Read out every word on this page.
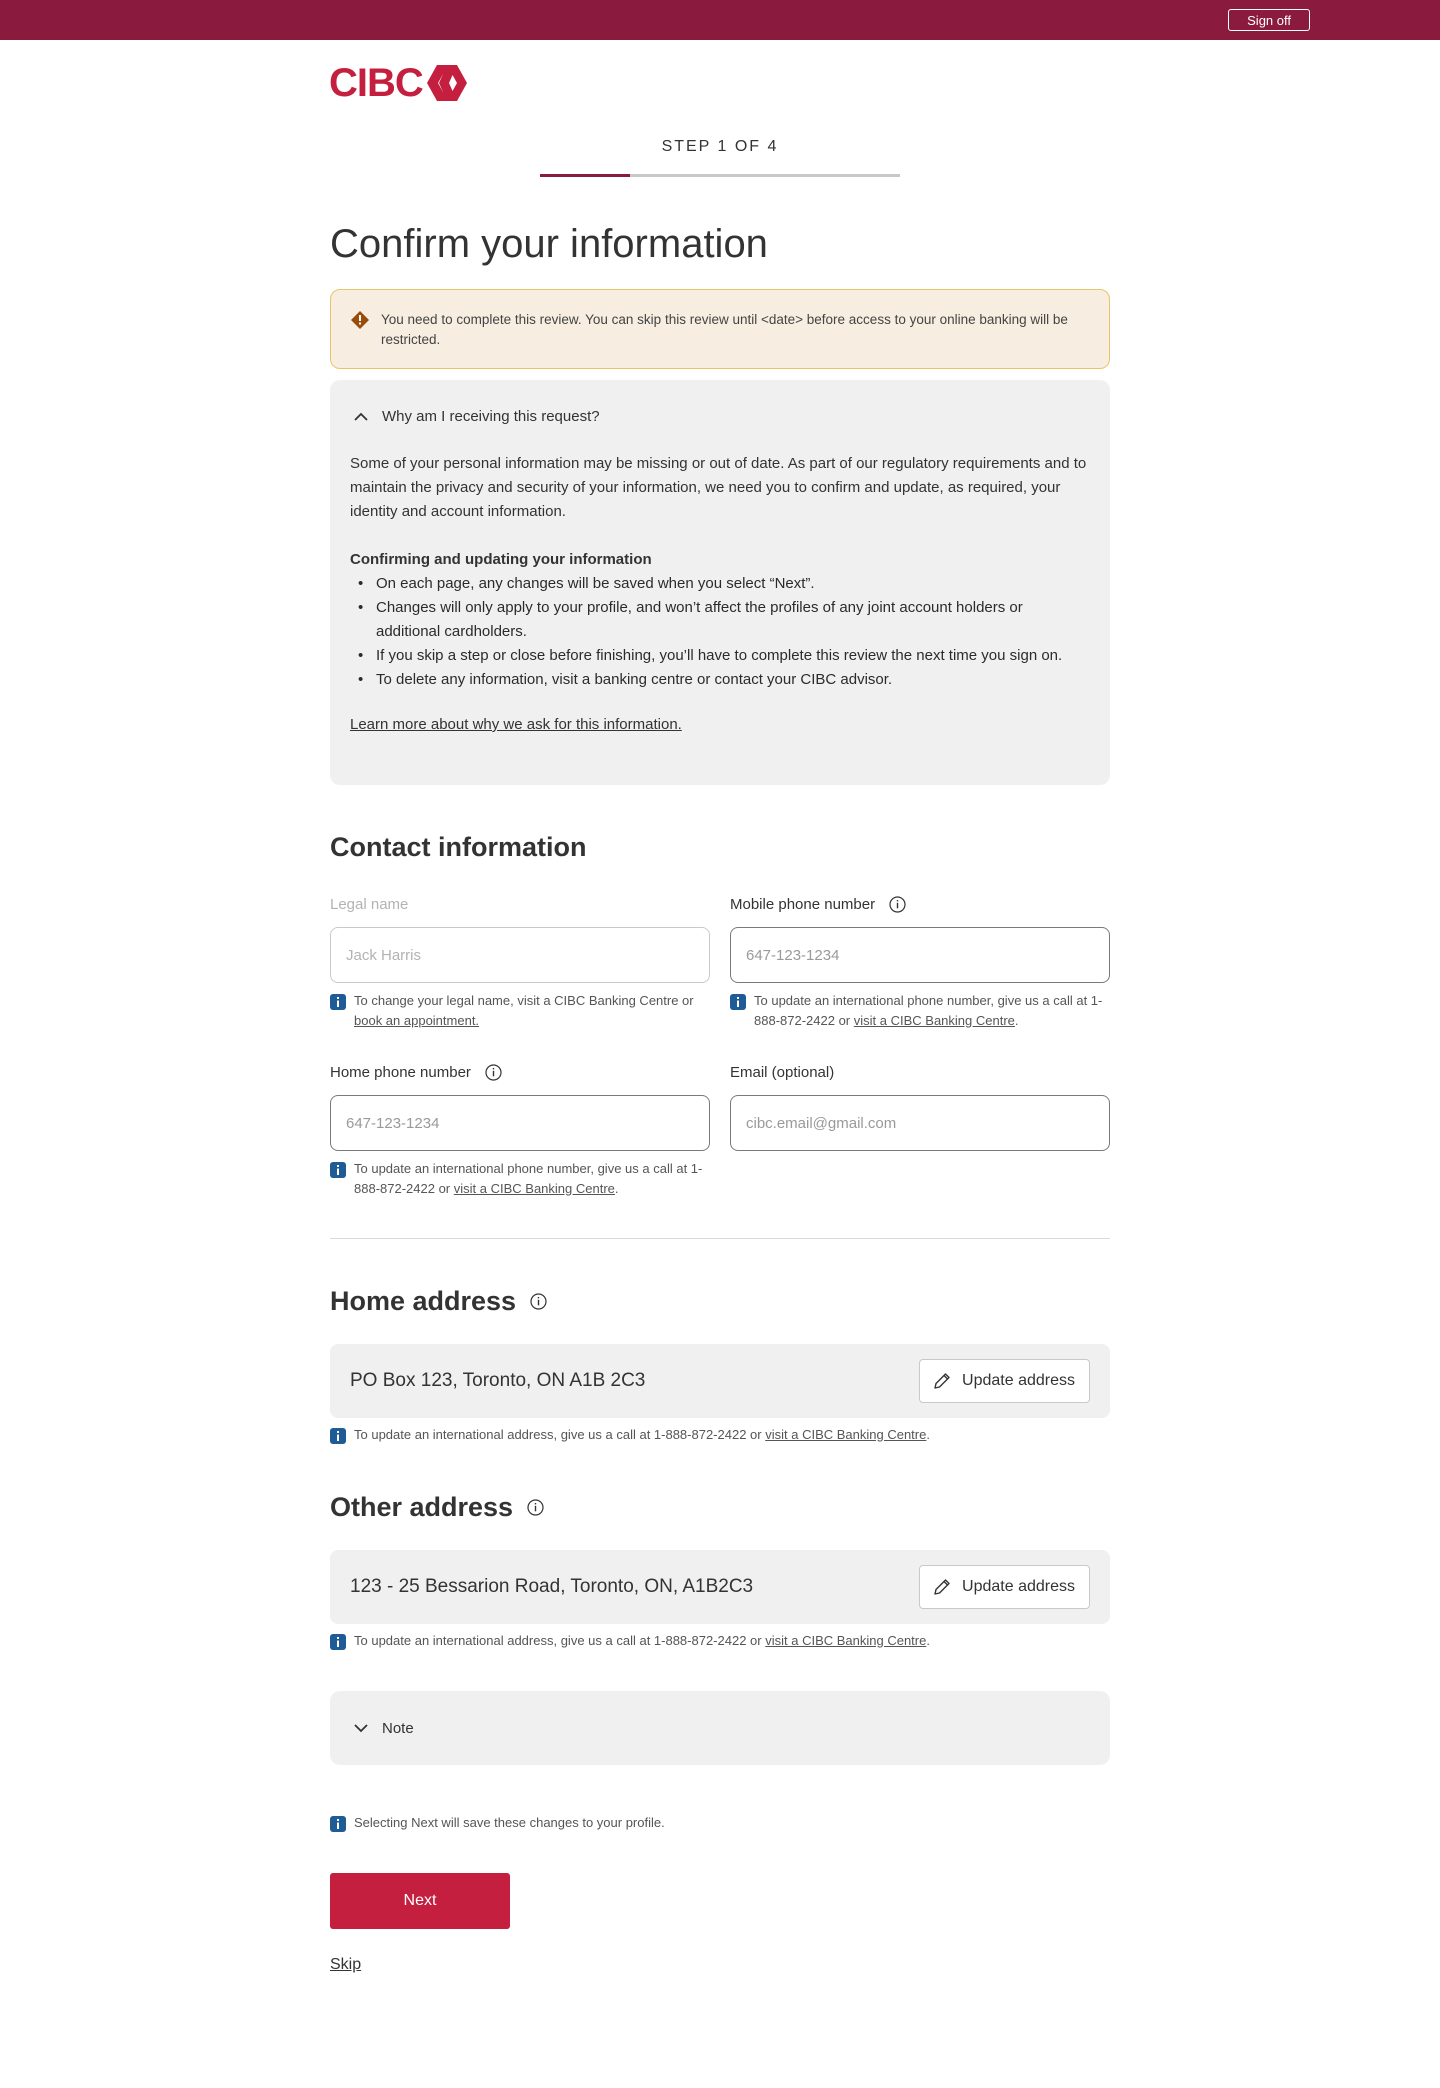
Sign off
CIBC
STEP 1 OF 4
Confirm your information
You need to complete this review. You can skip this review until <date> before access to your online banking will be restricted.
Why am I receiving this request?

Some of your personal information may be missing or out of date. As part of our regulatory requirements and to maintain the privacy and security of your information, we need you to confirm and update, as required, your identity and account information.

Confirming and updating your information

• On each page, any changes will be saved when you select “Next”.
• Changes will only apply to your profile, and won’t affect the profiles of any joint account holders or additional cardholders.
• If you skip a step or close before finishing, you’ll have to complete this review the next time you sign on.
• To delete any information, visit a banking centre or contact your CIBC advisor.
Learn more about why we ask for this information.
Contact information
Legal name
Jack Harris
To change your legal name, visit a CIBC Banking Centre or book an appointment.
Mobile phone number
647-123-1234
To update an international phone number, give us a call at 1-888-872-2422 or visit a CIBC Banking Centre.
Home phone number
647-123-1234
To update an international phone number, give us a call at 1-888-872-2422 or visit a CIBC Banking Centre.
Email (optional)
cibc.email@gmail.com
Home address
PO Box 123, Toronto, ON A1B 2C3	Update address
To update an international address, give us a call at 1-888-872-2422 or visit a CIBC Banking Centre.
Other address
123 - 25 Bessarion Road, Toronto, ON, A1B2C3	Update address
To update an international address, give us a call at 1-888-872-2422 or visit a CIBC Banking Centre.
Note
Selecting Next will save these changes to your profile.
Next
Skip
